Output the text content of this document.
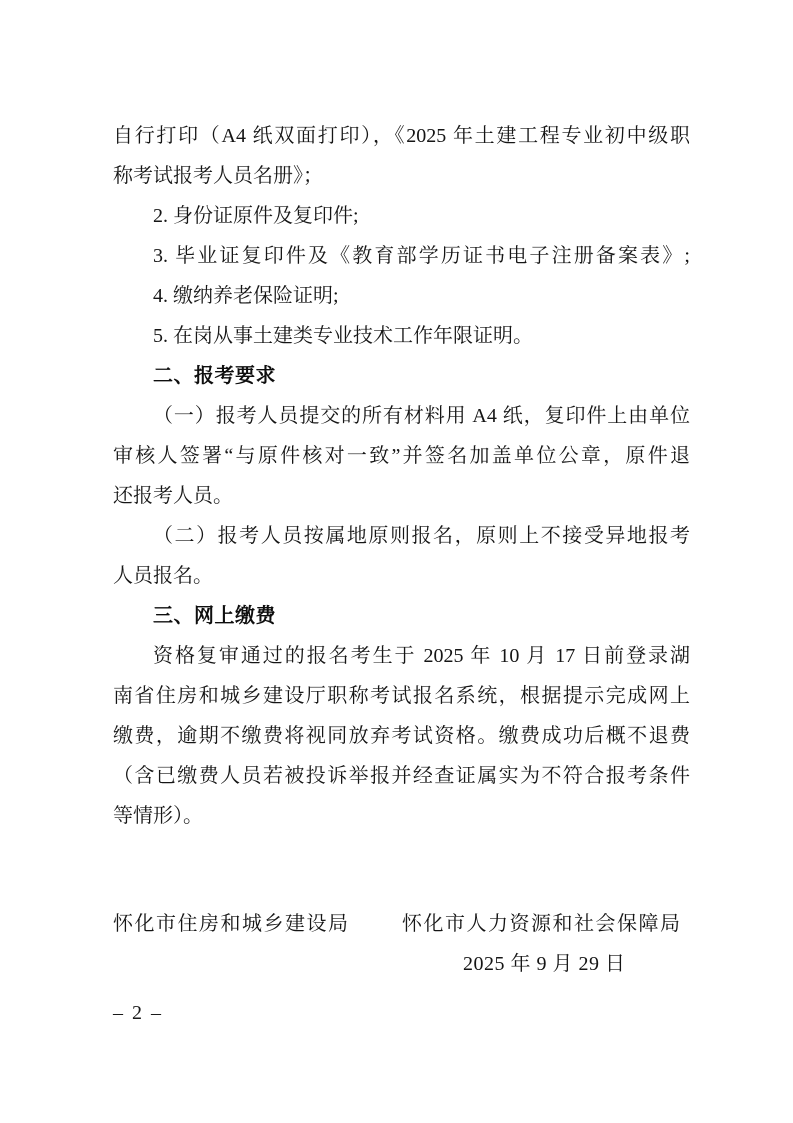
自行打印（A4 纸双面打印），《2025 年土建工程专业初中级职
称考试报考人员名册》；
2. 身份证原件及复印件;
3. 毕业证复印件及《教育部学历证书电子注册备案表》;
4. 缴纳养老保险证明;
5. 在岗从事土建类专业技术工作年限证明。
二、报考要求
（一）报考人员提交的所有材料用 A4 纸，复印件上由单位
审核人签署“与原件核对一致”并签名加盖单位公章，原件退
还报考人员。
（二）报考人员按属地原则报名，原则上不接受异地报考
人员报名。
三、网上缴费
资格复审通过的报名考生于 2025 年 10 月 17 日前登录湖
南省住房和城乡建设厅职称考试报名系统，根据提示完成网上
缴费，逾期不缴费将视同放弃考试资格。缴费成功后概不退费
（含已缴费人员若被投诉举报并经查证属实为不符合报考条件
等情形）。
怀化市住房和城乡建设局	怀化市人力资源和社会保障局
2025 年 9 月 29 日
– 2 –
